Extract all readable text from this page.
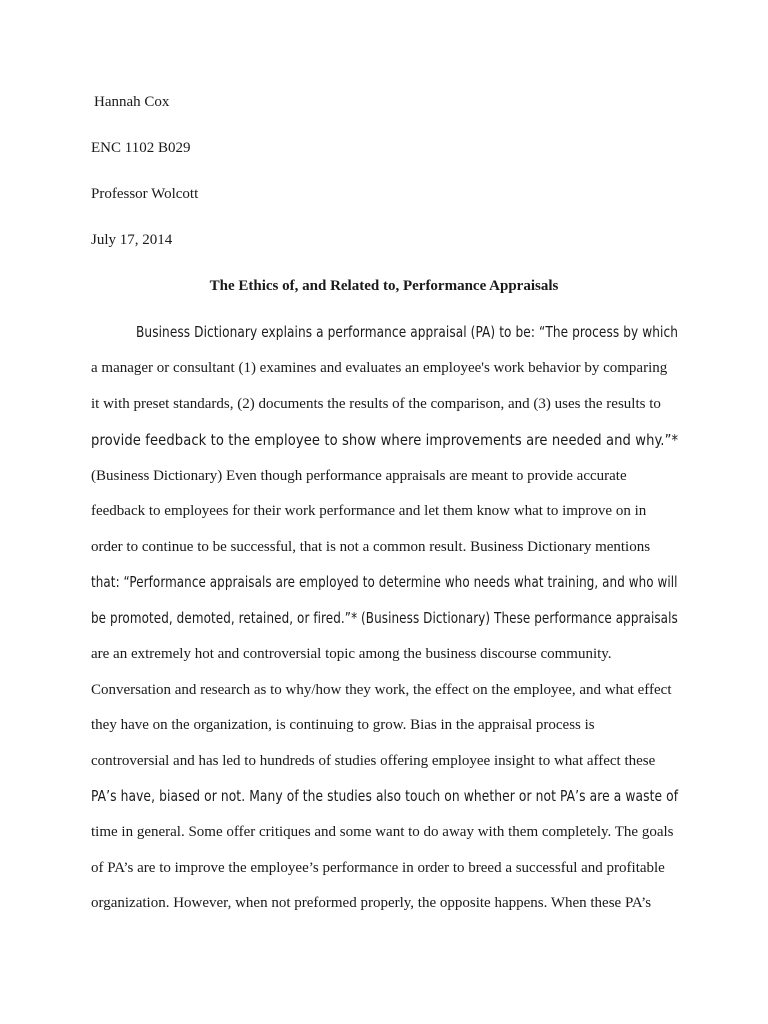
Hannah Cox
ENC 1102 B029
Professor Wolcott
July 17, 2014
The Ethics of, and Related to, Performance Appraisals
Business Dictionary explains a performance appraisal (PA) to be: “The process by which
a manager or consultant (1) examines and evaluates an employee's work behavior by comparing
it with preset standards, (2) documents the results of the comparison, and (3) uses the results to
provide feedback to the employee to show where improvements are needed and why.”*
(Business Dictionary) Even though performance appraisals are meant to provide accurate
feedback to employees for their work performance and let them know what to improve on in
order to continue to be successful, that is not a common result. Business Dictionary mentions
that: “Performance appraisals are employed to determine who needs what training, and who will
be promoted, demoted, retained, or fired.”* (Business Dictionary) These performance appraisals
are an extremely hot and controversial topic among the business discourse community.
Conversation and research as to why/how they work, the effect on the employee, and what effect
they have on the organization, is continuing to grow. Bias in the appraisal process is
controversial and has led to hundreds of studies offering employee insight to what affect these
PA’s have, biased or not. Many of the studies also touch on whether or not PA’s are a waste of
time in general. Some offer critiques and some want to do away with them completely. The goals
of PA’s are to improve the employee’s performance in order to breed a successful and profitable
organization. However, when not preformed properly, the opposite happens. When these PA’s
